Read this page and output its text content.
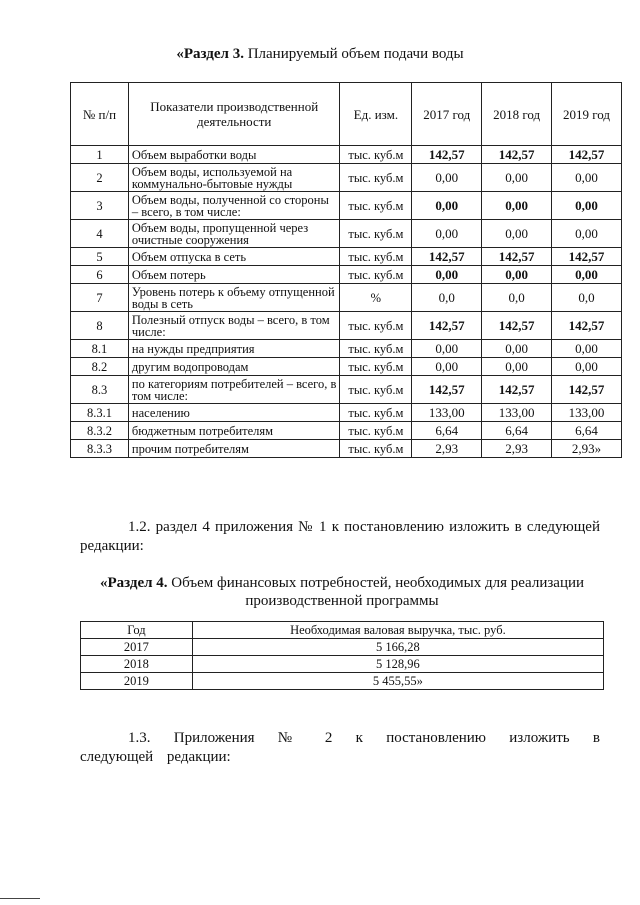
«Раздел 3. Планируемый объем подачи воды
№ п/п	Показатели производственной деятельности	Ед. изм.	2017 год	2018 год	2019 год
1	Объем выработки воды	тыс. куб.м	142,57	142,57	142,57
2	Объем воды, используемой на коммунально-бытовые нужды	тыс. куб.м	0,00	0,00	0,00
3	Объем воды, полученной со стороны – всего, в том числе:	тыс. куб.м	0,00	0,00	0,00
4	Объем воды, пропущенной через очистные сооружения	тыс. куб.м	0,00	0,00	0,00
5	Объем отпуска в сеть	тыс. куб.м	142,57	142,57	142,57
6	Объем потерь	тыс. куб.м	0,00	0,00	0,00
7	Уровень потерь к объему отпущенной воды в сеть	%	0,0	0,0	0,0
8	Полезный отпуск воды – всего, в том числе:	тыс. куб.м	142,57	142,57	142,57
8.1	на нужды предприятия	тыс. куб.м	0,00	0,00	0,00
8.2	другим водопроводам	тыс. куб.м	0,00	0,00	0,00
8.3	по категориям потребителей – всего, в том числе:	тыс. куб.м	142,57	142,57	142,57
8.3.1	населению	тыс. куб.м	133,00	133,00	133,00
8.3.2	бюджетным потребителям	тыс. куб.м	6,64	6,64	6,64
8.3.3	прочим потребителям	тыс. куб.м	2,93	2,93	2,93»
1.2. раздел 4 приложения № 1 к постановлению изложить в следующей редакции:
«Раздел 4. Объем финансовых потребностей, необходимых для реализации производственной программы
Год	Необходимая валовая выручка, тыс. руб.
2017	5 166,28
2018	5 128,96
2019	5 455,55»
1.3. Приложения № 2 к постановлению изложить в следующей редакции:
